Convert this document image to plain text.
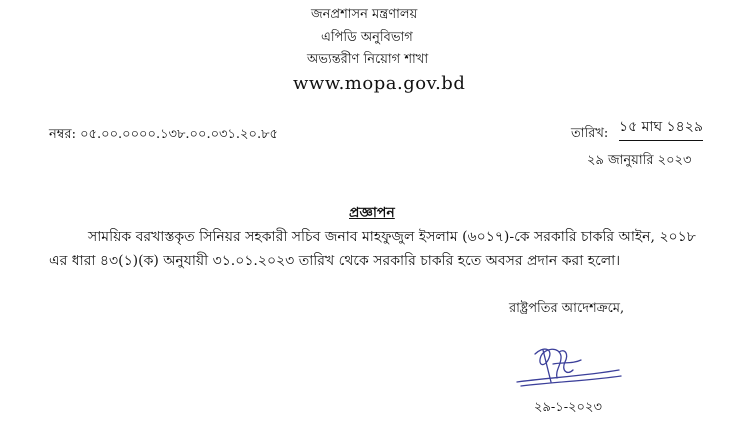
জনপ্রশাসন মন্ত্রণালয়
এপিডি অনুবিভাগ
অভ্যন্তরীণ নিয়োগ শাখা
www.mopa.gov.bd
নম্বর: ০৫.০০.০০০০.১৩৮.০০.০৩১.২০.৮৫	তারিখ: ১৫ মাঘ ১৪২৯
২৯ জানুয়ারি ২০২৩
প্রজ্ঞাপন
সাময়িক বরখাস্তকৃত সিনিয়র সহকারী সচিব জনাব মাহফুজুল ইসলাম (৬০১৭)-কে সরকারি চাকরি আইন, ২০১৮
এর ধারা ৪৩(১)(ক) অনুযায়ী ৩১.০১.২০২৩ তারিখ থেকে সরকারি চাকরি হতে অবসর প্রদান করা হলো।
রাষ্ট্রপতির আদেশক্রমে,
২৯-১-২০২৩
